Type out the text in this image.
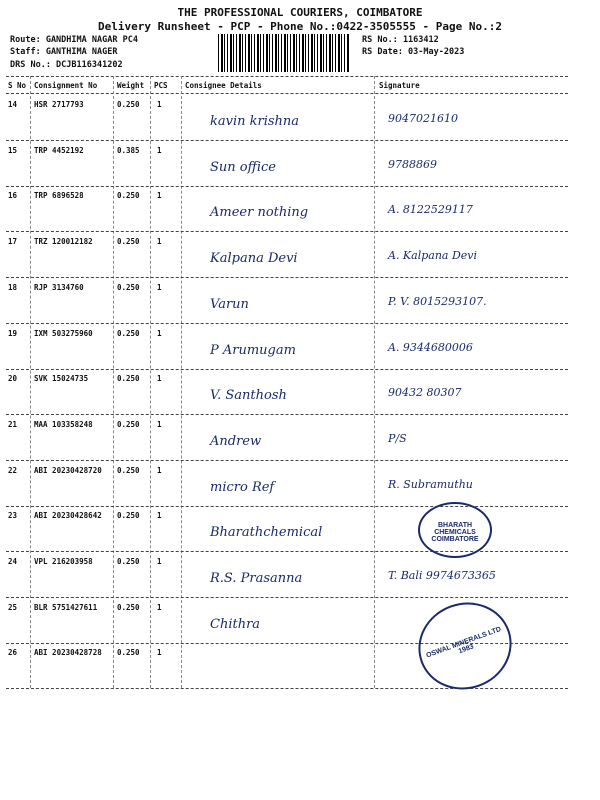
THE PROFESSIONAL COURIERS, COIMBATORE
Delivery Runsheet - PCP - Phone No.:0422-3505555 - Page No.:2
Route: GANDHIMA NAGAR PC4
Staff: GANTHIMA NAGER
DRS No.: DCJB116341202
RS No.: 1163412
RS Date: 03-May-2023
S No Consignment No	Weight PCS Consignee Details	Signature
14 HSR 2717793	0.250 1
kavin krishna	9047021610
15 TRP 4452192	0.385 1
Sun office	9788869
16 TRP 6896528	0.250 1
Ameer nothing	A. 8122529117
17 TRZ 120012182	0.250 1
Kalpana Devi	A. Kalpana Devi
18 RJP 3134760	0.250 1
Varun	P. V. 8015293107.
19 IXM 503275960	0.250 1
P Arumugam	A. 9344680006
20 SVK 15024735	0.250 1
V. Santhosh	90432 80307
21 MAA 103358248	0.250 1
Andrew	P/S
22 ABI 20230428720 0.250 1
micro Ref	R. Subramuthu
23 ABI 20230428642 0.250 1
Bharathchemical
24 VPL 216203958	0.250 1
R.S. Prasanna	T. Bali 9974673365
25 BLR 5751427611	0.250 1
Chithra
26 ABI 20230428728 0.250 1
BHARATH CHEMICALS COIMBATORE
OSWAL MINERALS LTD 1983
